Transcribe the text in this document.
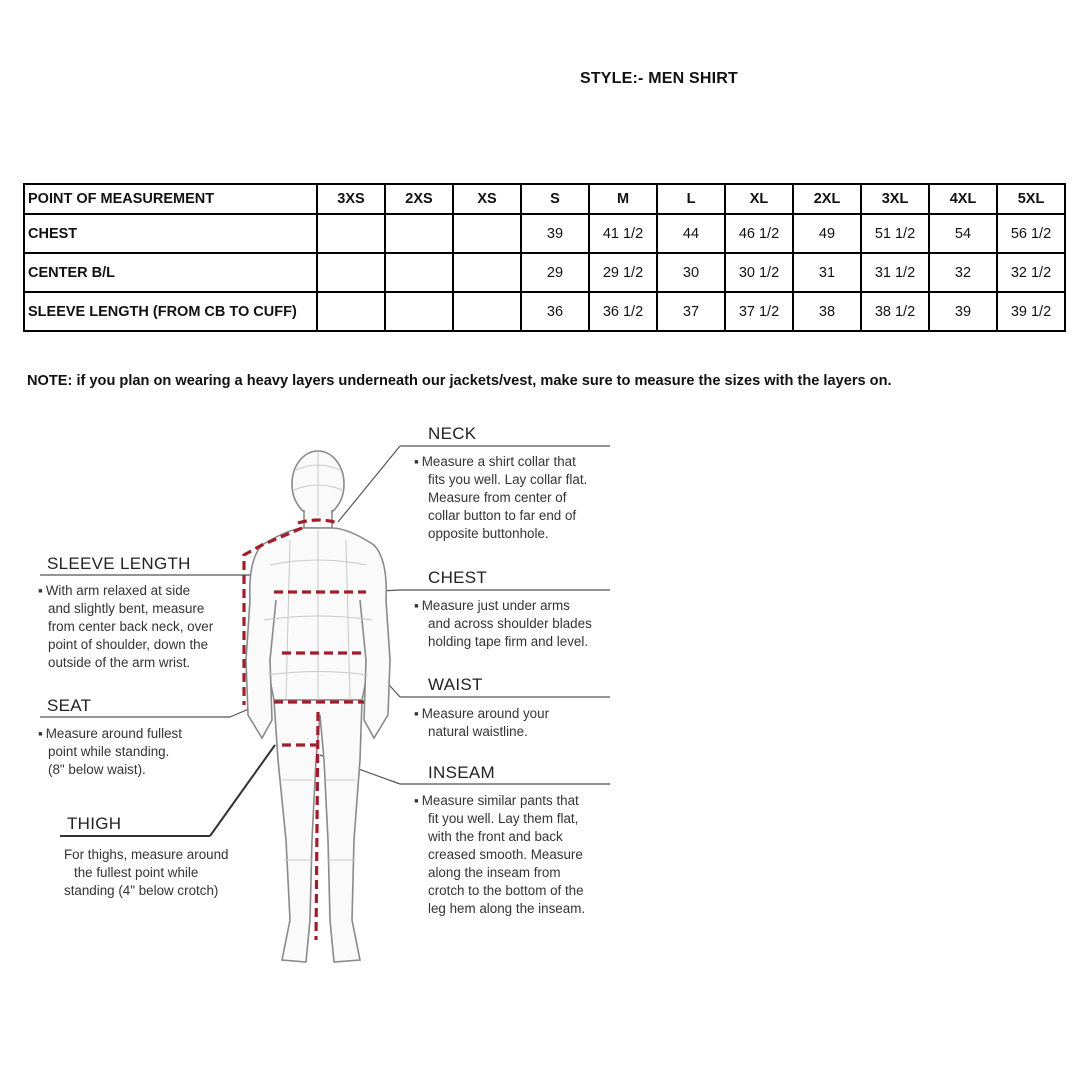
STYLE:- MEN SHIRT
POINT OF MEASUREMENT	3XS	2XS	XS	S	M	L	XL	2XL	3XL	4XL	5XL
CHEST				39	41 1/2	44	46 1/2	49	51 1/2	54	56 1/2
CENTER B/L				29	29 1/2	30	30 1/2	31	31 1/2	32	32 1/2
SLEEVE LENGTH (FROM CB TO CUFF)				36	36 1/2	37	37 1/2	38	38 1/2	39	39 1/2
NOTE: if you plan on wearing a heavy layers underneath our jackets/vest, make sure to measure the sizes with the layers on.
NECK
▪ Measure a shirt collar that
fits you well. Lay collar flat.
Measure from center of
collar button to far end of
opposite buttonhole.
CHEST
▪ Measure just under arms
and across shoulder blades
holding tape firm and level.
WAIST
▪ Measure around your
natural waistline.
INSEAM
▪ Measure similar pants that
fit you well. Lay them flat,
with the front and back
creased smooth. Measure
along the inseam from
crotch to the bottom of the
leg hem along the inseam.
SLEEVE LENGTH
▪ With arm relaxed at side
and slightly bent, measure
from center back neck, over
point of shoulder, down the
outside of the arm wrist.
SEAT
▪ Measure around fullest
point while standing.
(8" below waist).
THIGH
For thighs, measure around
the fullest point while
standing (4" below crotch)
